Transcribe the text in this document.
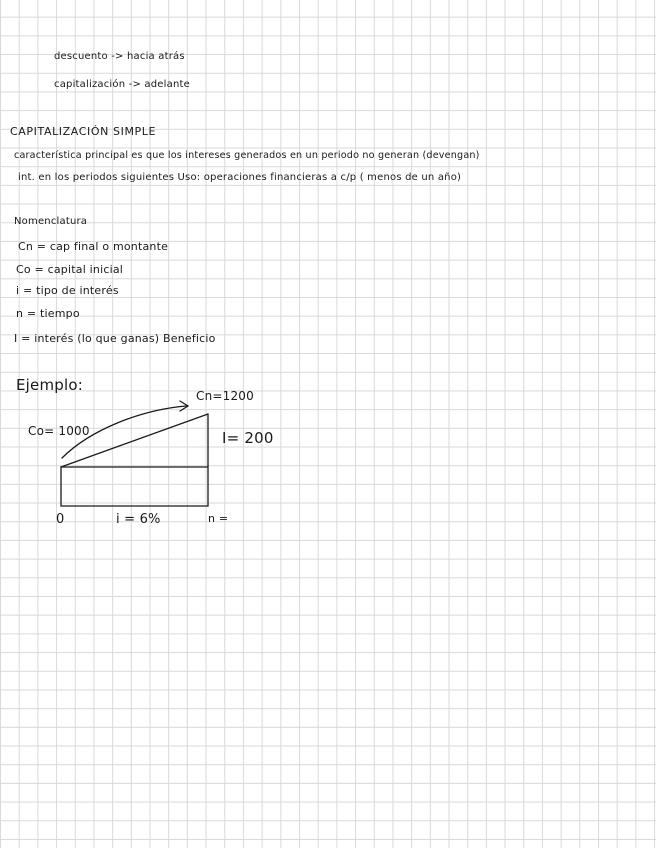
descuento -> hacia atrás
capitalización -> adelante
CAPITALIZACIÓN SIMPLE
característica principal es que los intereses generados en un periodo no generan (devengan)
int. en los periodos siguientes Uso: operaciones financieras a c/p ( menos de un año)
Nomenclatura
Cn = cap final o montante
Co = capital inicial
i = tipo de interés
n = tiempo
I = interés (lo que ganas) Beneficio
Ejemplo:
Co= 1000
Cn=1200
I= 200
0	i = 6%	n =
